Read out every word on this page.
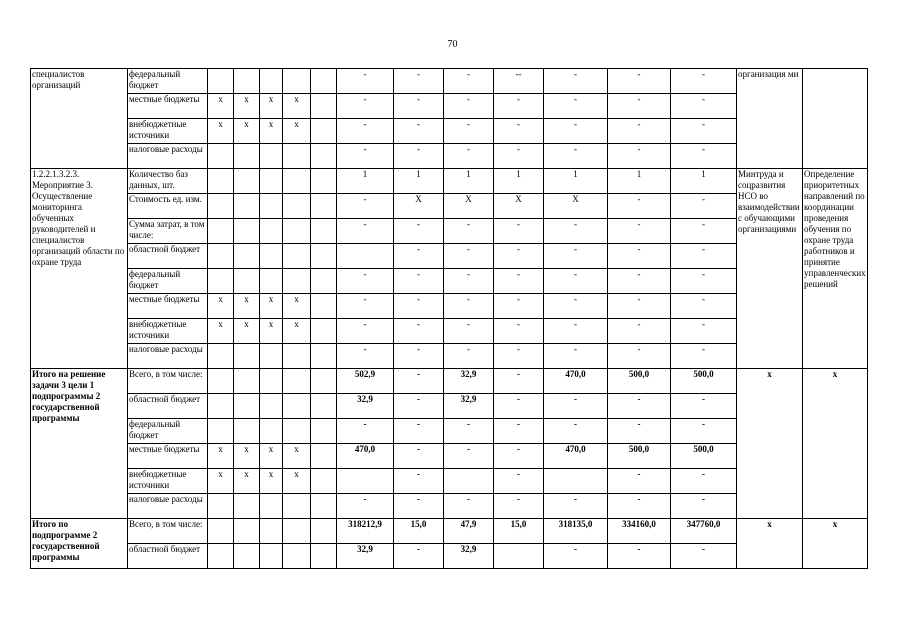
70
специалистов организаций	федеральный бюджет						-	-	-	--	-	-	-	организация ми	
	местные бюджеты	x	x	x	x		-	-	-	-	-	-	-		
	внебюджетные источники	x	x	x	x		-	-	-	-	-	-	-		
	налоговые расходы						-	-	-	-	-	-	-		
1.2.2.1.3.2.3. Мероприятие 3. Осуществление мониторинга обученных руководителей и специалистов организаций области по охране труда	Количество баз данных, шт.						1	1	1	1	1	1	1	Минтруда и соцразвития НСО во взаимодействии с обучающими организациями	Определение приоритетных направлений по координации проведения обучения по охране труда работников и принятие управленческих решений
	Стоимость ед. изм.						-	X	X	X	X	-	-		
	Сумма затрат, в том числе:						-	-	-	-	-	-	-		
	областной бюджет							-	-	-	-	-	-		
	федеральный бюджет						-	-	-	-	-	-	-		
	местные бюджеты	x	x	x	x		-	-	-	-	-	-	-		
	внебюджетные источники	x	x	x	x		-	-	-	-	-	-	-		
	налоговые расходы						-	-	-	-	-	-	-		
Итого на решение задачи 3 цели 1 подпрограммы 2 государственной программы	Всего, в том числе:						502,9	-	32,9	-	470,0	500,0	500,0	x	x
	областной бюджет						32,9	-	32,9	-	-	-	-		
	федеральный бюджет						-	-	-	-	-	-	-		
	местные бюджеты	x	x	x	x		470,0	-	-	-	470,0	500,0	500,0		
	внебюджетные источники	x	x	x	x			-		-		-	-		
	налоговые расходы						-	-	-	-	-	-	-		
Итого по подпрограмме 2 государственной программы	Всего, в том числе:						318212,9	15,0	47,9	15,0	318135,0	334160,0	347760,0	x	x
	областной бюджет						32,9	-	32,9		-	-	-		
